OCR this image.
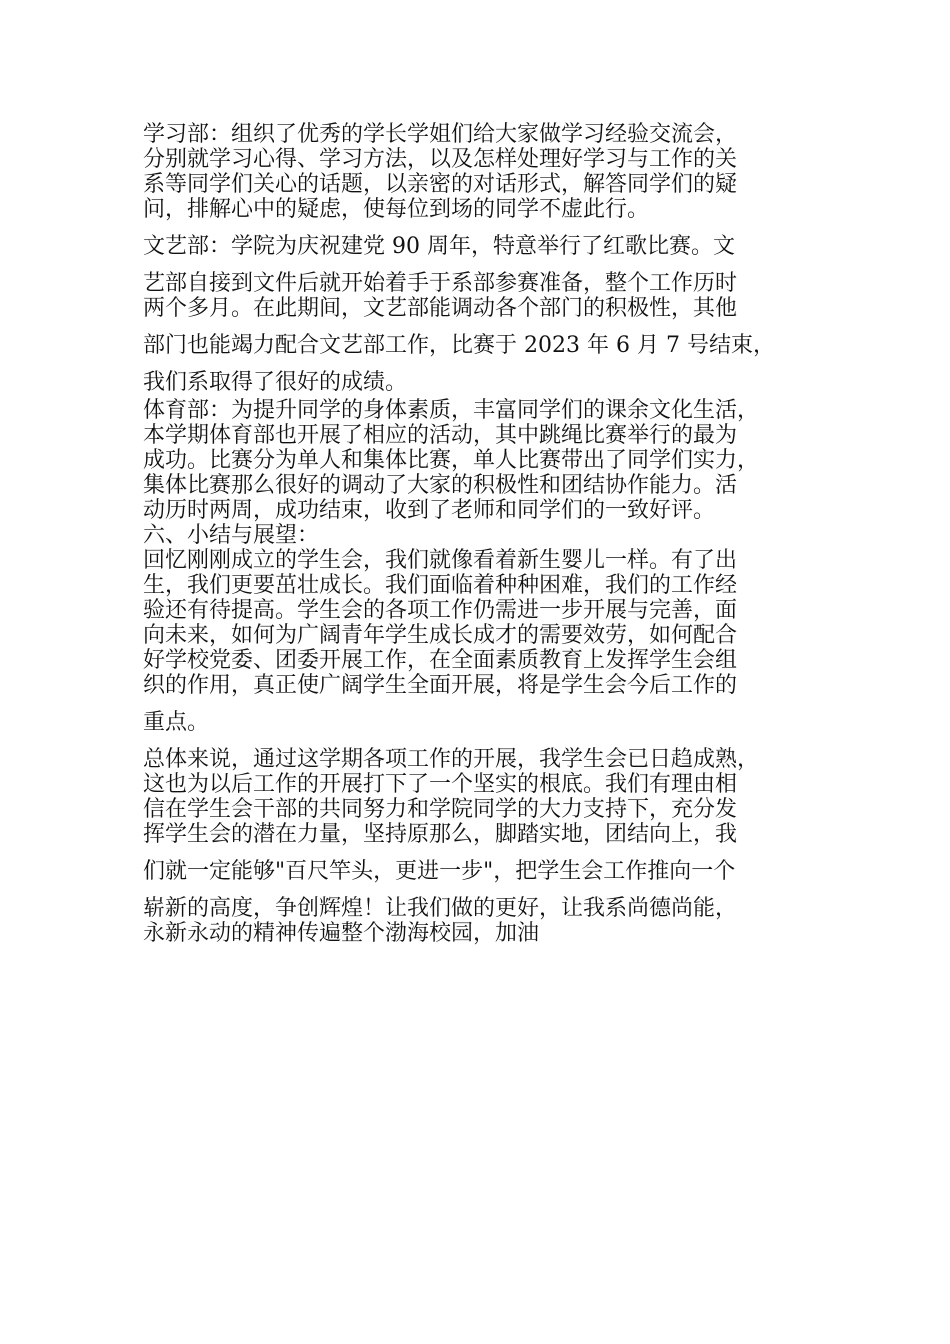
学习部：组织了优秀的学长学姐们给大家做学习经验交流会，

分别就学习心得、学习方法，以及怎样处理好学习与工作的关

系等同学们关心的话题，以亲密的对话形式，解答同学们的疑

问，排解心中的疑虑，使每位到场的同学不虚此行。

文艺部：学院为庆祝建党 90 周年，特意举行了红歌比赛。文

艺部自接到文件后就开始着手于系部参赛准备，整个工作历时

两个多月。在此期间，文艺部能调动各个部门的积极性，其他

部门也能竭力配合文艺部工作，比赛于 2023 年 6 月 7 号结束，

我们系取得了很好的成绩。

体育部：为提升同学的身体素质，丰富同学们的课余文化生活，

本学期体育部也开展了相应的活动，其中跳绳比赛举行的最为

成功。比赛分为单人和集体比赛，单人比赛带出了同学们实力，

集体比赛那么很好的调动了大家的积极性和团结协作能力。活

动历时两周，成功结束，收到了老师和同学们的一致好评。

六、小结与展望：

回忆刚刚成立的学生会，我们就像看着新生婴儿一样。有了出

生，我们更要茁壮成长。我们面临着种种困难，我们的工作经

验还有待提高。学生会的各项工作仍需进一步开展与完善，面

向未来，如何为广阔青年学生成长成才的需要效劳，如何配合

好学校党委、团委开展工作，在全面素质教育上发挥学生会组

织的作用，真正使广阔学生全面开展，将是学生会今后工作的

重点。

总体来说，通过这学期各项工作的开展，我学生会已日趋成熟，

这也为以后工作的开展打下了一个坚实的根底。我们有理由相

信在学生会干部的共同努力和学院同学的大力支持下，充分发

挥学生会的潜在力量，坚持原那么，脚踏实地，团结向上，我

们就一定能够"百尺竿头，更进一步"，把学生会工作推向一个

崭新的高度，争创辉煌！让我们做的更好，让我系尚德尚能，

永新永动的精神传遍整个渤海校园，加油
